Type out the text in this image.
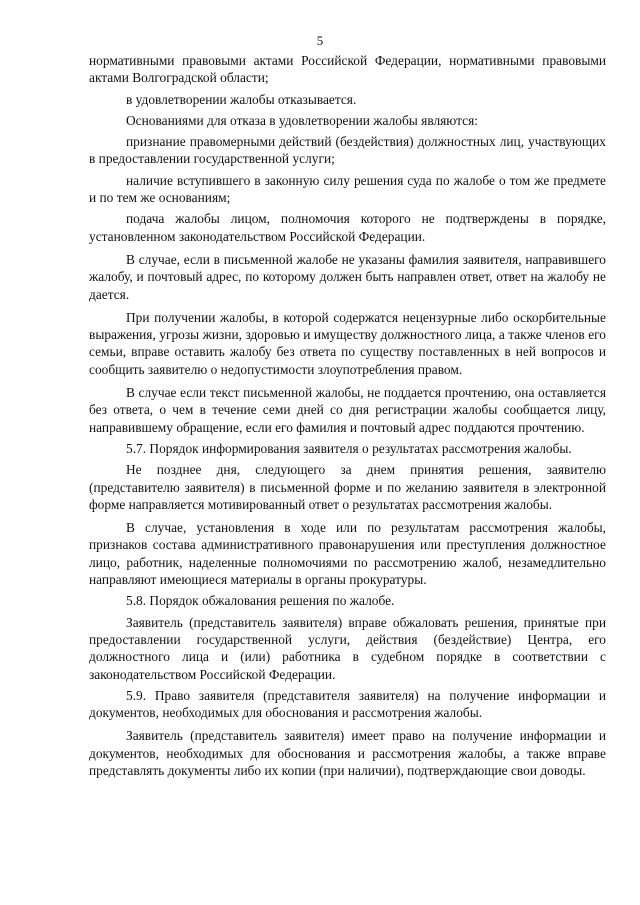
5

нормативными правовыми актами Российской Федерации, нормативными правовыми актами Волгоградской области;

в удовлетворении жалобы отказывается.

Основаниями для отказа в удовлетворении жалобы являются:

признание правомерными действий (бездействия) должностных лиц, участвующих в предоставлении государственной услуги;

наличие вступившего в законную силу решения суда по жалобе о том же предмете и по тем же основаниям;

подача жалобы лицом, полномочия которого не подтверждены в порядке, установленном законодательством Российской Федерации.

В случае, если в письменной жалобе не указаны фамилия заявителя, направившего жалобу, и почтовый адрес, по которому должен быть направлен ответ, ответ на жалобу не дается.

При получении жалобы, в которой содержатся нецензурные либо оскорбительные выражения, угрозы жизни, здоровью и имуществу должностного лица, а также членов его семьи, вправе оставить жалобу без ответа по существу поставленных в ней вопросов и сообщить заявителю о недопустимости злоупотребления правом.

В случае если текст письменной жалобы, не поддается прочтению, она оставляется без ответа, о чем в течение семи дней со дня регистрации жалобы сообщается лицу, направившему обращение, если его фамилия и почтовый адрес поддаются прочтению.

5.7. Порядок информирования заявителя о результатах рассмотрения жалобы.

Не позднее дня, следующего за днем принятия решения, заявителю (представителю заявителя) в письменной форме и по желанию заявителя в электронной форме направляется мотивированный ответ о результатах рассмотрения жалобы.

В случае, установления в ходе или по результатам рассмотрения жалобы, признаков состава административного правонарушения или преступления должностное лицо, работник, наделенные полномочиями по рассмотрению жалоб, незамедлительно направляют имеющиеся материалы в органы прокуратуры.

5.8. Порядок обжалования решения по жалобе.

Заявитель (представитель заявителя) вправе обжаловать решения, принятые при предоставлении государственной услуги, действия (бездействие) Центра, его должностного лица и (или) работника в судебном порядке в соответствии с законодательством Российской Федерации.

5.9. Право заявителя (представителя заявителя) на получение информации и документов, необходимых для обоснования и рассмотрения жалобы.

Заявитель (представитель заявителя) имеет право на получение информации и документов, необходимых для обоснования и рассмотрения жалобы, а также вправе представлять документы либо их копии (при наличии), подтверждающие свои доводы.
